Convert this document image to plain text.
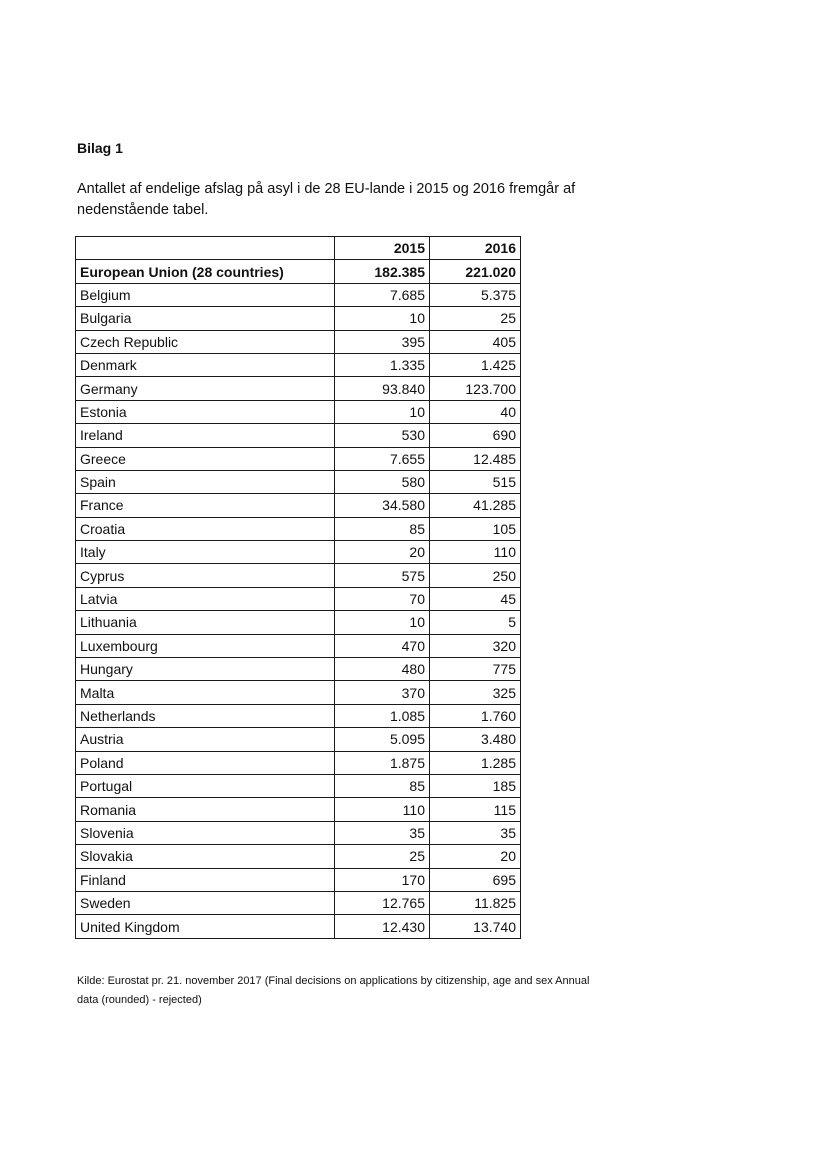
Bilag 1

Antallet af endelige afslag på asyl i de 28 EU-lande i 2015 og 2016 fremgår af nedenstående tabel.

	2015	2016
European Union (28 countries)	182.385	221.020
Belgium	7.685	5.375
Bulgaria	10	25
Czech Republic	395	405
Denmark	1.335	1.425
Germany	93.840	123.700
Estonia	10	40
Ireland	530	690
Greece	7.655	12.485
Spain	580	515
France	34.580	41.285
Croatia	85	105
Italy	20	110
Cyprus	575	250
Latvia	70	45
Lithuania	10	5
Luxembourg	470	320
Hungary	480	775
Malta	370	325
Netherlands	1.085	1.760
Austria	5.095	3.480
Poland	1.875	1.285
Portugal	85	185
Romania	110	115
Slovenia	35	35
Slovakia	25	20
Finland	170	695
Sweden	12.765	11.825
United Kingdom	12.430	13.740

Kilde: Eurostat pr. 21. november 2017 (Final decisions on applications by citizenship, age and sex Annual data (rounded) - rejected)
